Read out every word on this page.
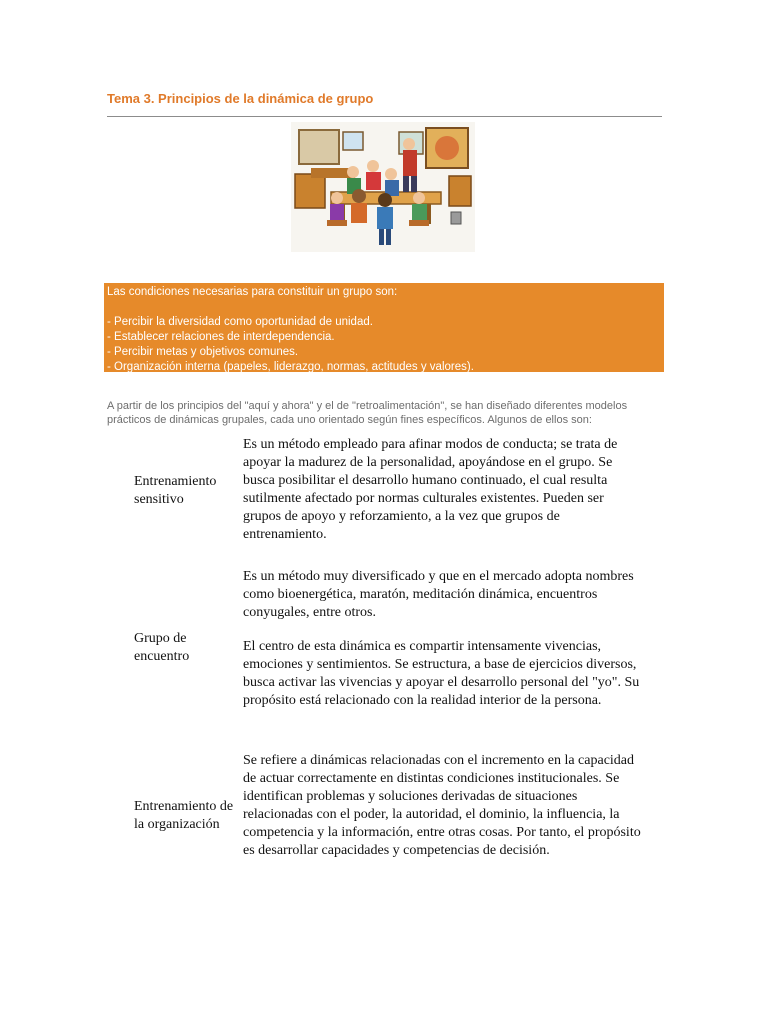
Tema 3. Principios de la dinámica de grupo
Las condiciones necesarias para constituir un grupo son:
- Percibir la diversidad como oportunidad de unidad.
- Establecer relaciones de interdependencia.
- Percibir metas y objetivos comunes.
- Organización interna (papeles, liderazgo, normas, actitudes y valores).
A partir de los principios del "aquí y ahora" y el de "retroalimentación", se han diseñado diferentes modelos prácticos de dinámicas grupales, cada uno orientado según fines específicos. Algunos de ellos son:
Entrenamiento sensitivo
Es un método empleado para afinar modos de conducta; se trata de apoyar la madurez de la personalidad, apoyándose en el grupo. Se busca posibilitar el desarrollo humano continuado, el cual resulta sutilmente afectado por normas culturales existentes. Pueden ser grupos de apoyo y reforzamiento, a la vez que grupos de entrenamiento.
Grupo de encuentro
Es un método muy diversificado y que en el mercado adopta nombres como bioenergética, maratón, meditación dinámica, encuentros conyugales, entre otros.
El centro de esta dinámica es compartir intensamente vivencias, emociones y sentimientos. Se estructura, a base de ejercicios diversos, busca activar las vivencias y apoyar el desarrollo personal del "yo". Su propósito está relacionado con la realidad interior de la persona.
Entrenamiento de la organización
Se refiere a dinámicas relacionadas con el incremento en la capacidad de actuar correctamente en distintas condiciones institucionales. Se identifican problemas y soluciones derivadas de situaciones relacionadas con el poder, la autoridad, el dominio, la influencia, la competencia y la información, entre otras cosas. Por tanto, el propósito es desarrollar capacidades y competencias de decisión.
